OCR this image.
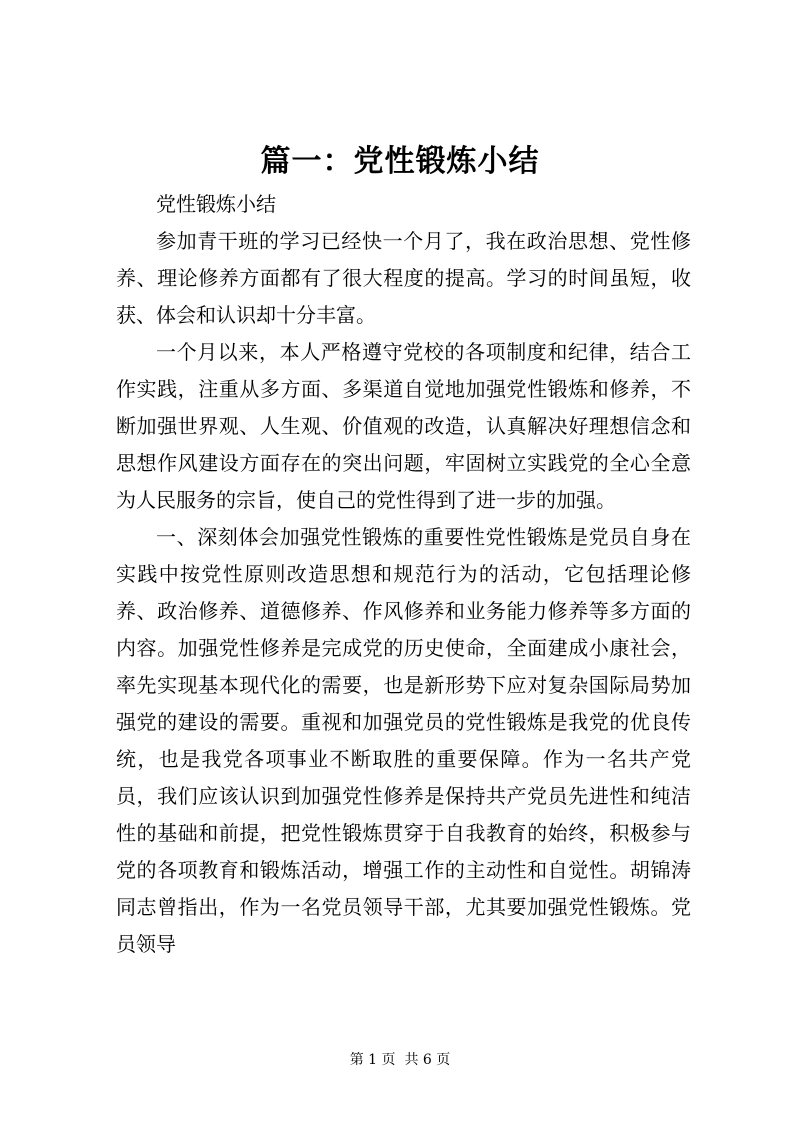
篇一：党性锻炼小结

党性锻炼小结

参加青干班的学习已经快一个月了，我在政治思想、党性修养、理论修养方面都有了很大程度的提高。学习的时间虽短，收获、体会和认识却十分丰富。

一个月以来，本人严格遵守党校的各项制度和纪律，结合工作实践，注重从多方面、多渠道自觉地加强党性锻炼和修养，不断加强世界观、人生观、价值观的改造，认真解决好理想信念和思想作风建设方面存在的突出问题，牢固树立实践党的全心全意为人民服务的宗旨，使自己的党性得到了进一步的加强。

一、深刻体会加强党性锻炼的重要性党性锻炼是党员自身在实践中按党性原则改造思想和规范行为的活动，它包括理论修养、政治修养、道德修养、作风修养和业务能力修养等多方面的内容。加强党性修养是完成党的历史使命，全面建成小康社会，率先实现基本现代化的需要，也是新形势下应对复杂国际局势加强党的建设的需要。重视和加强党员的党性锻炼是我党的优良传统，也是我党各项事业不断取胜的重要保障。作为一名共产党员，我们应该认识到加强党性修养是保持共产党员先进性和纯洁性的基础和前提，把党性锻炼贯穿于自我教育的始终，积极参与党的各项教育和锻炼活动，增强工作的主动性和自觉性。胡锦涛同志曾指出，作为一名党员领导干部，尤其要加强党性锻炼。党员领导

第 1 页  共 6 页
